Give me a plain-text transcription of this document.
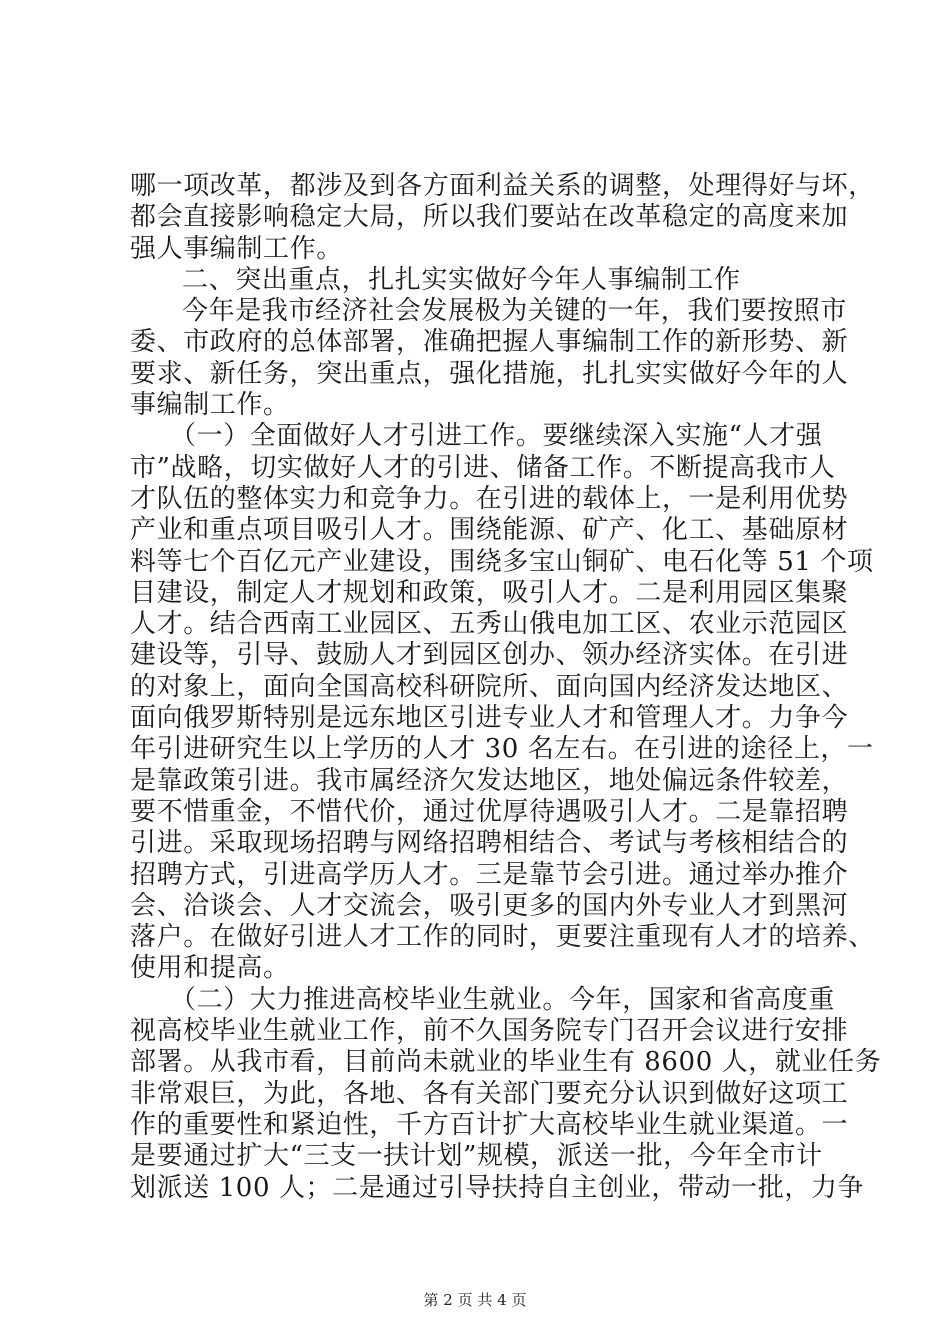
哪一项改革，都涉及到各方面利益关系的调整，处理得好与坏，
都会直接影响稳定大局，所以我们要站在改革稳定的高度来加
强人事编制工作。
二、突出重点，扎扎实实做好今年人事编制工作
今年是我市经济社会发展极为关键的一年，我们要按照市
委、市政府的总体部署，准确把握人事编制工作的新形势、新
要求、新任务，突出重点，强化措施，扎扎实实做好今年的人
事编制工作。
（一）全面做好人才引进工作。要继续深入实施“人才强
市”战略，切实做好人才的引进、储备工作。不断提高我市人
才队伍的整体实力和竞争力。在引进的载体上，一是利用优势
产业和重点项目吸引人才。围绕能源、矿产、化工、基础原材
料等七个百亿元产业建设，围绕多宝山铜矿、电石化等 51 个项
目建设，制定人才规划和政策，吸引人才。二是利用园区集聚
人才。结合西南工业园区、五秀山俄电加工区、农业示范园区
建设等，引导、鼓励人才到园区创办、领办经济实体。在引进
的对象上，面向全国高校科研院所、面向国内经济发达地区、
面向俄罗斯特别是远东地区引进专业人才和管理人才。力争今
年引进研究生以上学历的人才 30 名左右。在引进的途径上，一
是靠政策引进。我市属经济欠发达地区，地处偏远条件较差，
要不惜重金，不惜代价，通过优厚待遇吸引人才。二是靠招聘
引进。采取现场招聘与网络招聘相结合、考试与考核相结合的
招聘方式，引进高学历人才。三是靠节会引进。通过举办推介
会、洽谈会、人才交流会，吸引更多的国内外专业人才到黑河
落户。在做好引进人才工作的同时，更要注重现有人才的培养、
使用和提高。
（二）大力推进高校毕业生就业。今年，国家和省高度重
视高校毕业生就业工作，前不久国务院专门召开会议进行安排
部署。从我市看，目前尚未就业的毕业生有 8600 人，就业任务
非常艰巨，为此，各地、各有关部门要充分认识到做好这项工
作的重要性和紧迫性，千方百计扩大高校毕业生就业渠道。一
是要通过扩大“三支一扶计划”规模，派送一批，今年全市计
划派送 100 人；二是通过引导扶持自主创业，带动一批，力争
第 2 页 共 4 页
